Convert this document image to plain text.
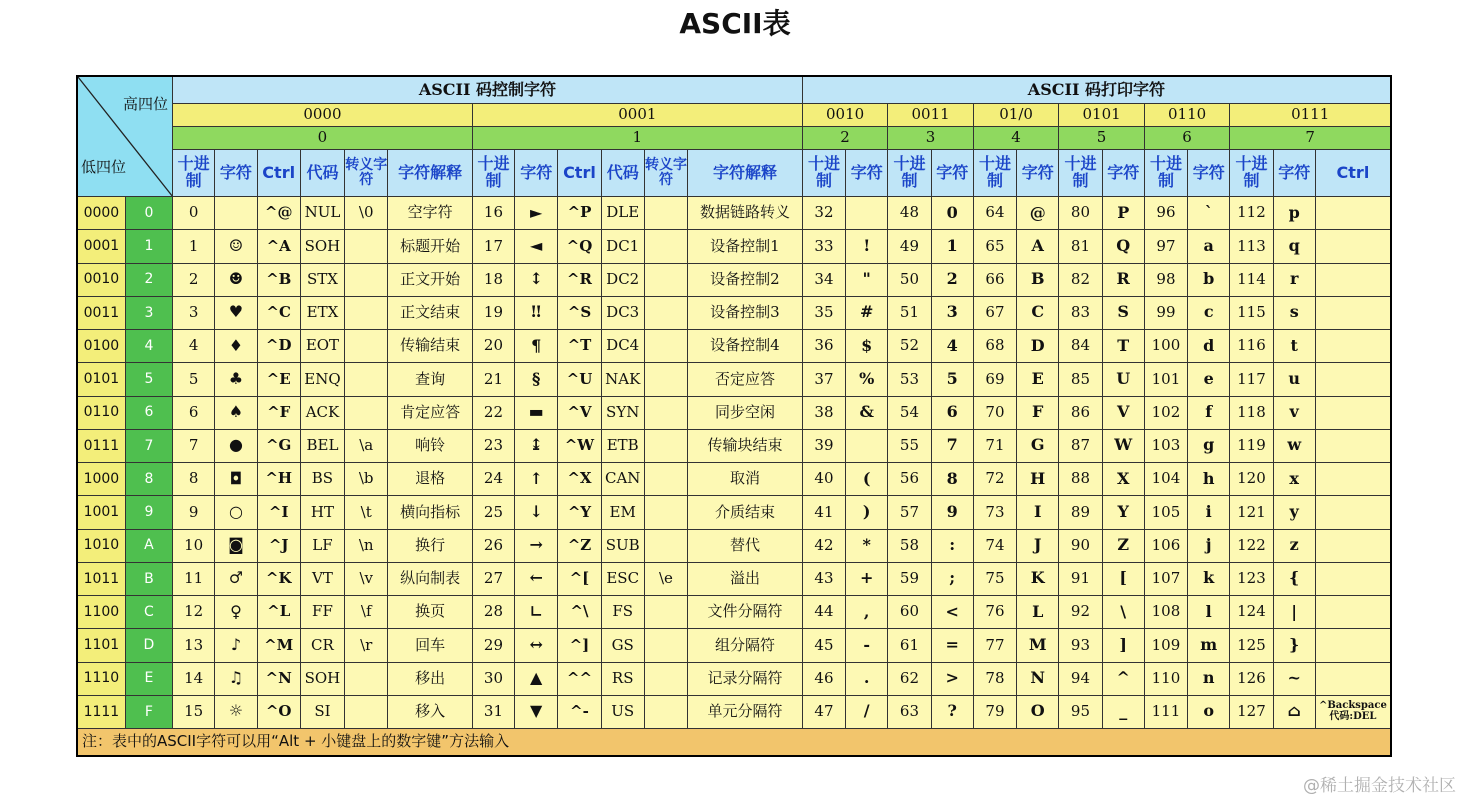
ASCII表
高四位
低四位		ASCII 码控制字符												ASCII 码打印字符												
		0000						0001						0010		0011		01/0		0101		0110		0111		
		0						1						2		3		4		5		6		7		
		十进制	字符	Ctrl	代码	转义字符	字符解释	十进制	字符	Ctrl	代码	转义字符	字符解释	十进制	字符	十进制	字符	十进制	字符	十进制	字符	十进制	字符	十进制	字符	Ctrl
0000	0	0		^@	NUL	\0	空字符	16	►	^P	DLE		数据链路转义	32		48	0	64	@	80	P	96	`	112	p	
0001	1	1	☺	^A	SOH		标题开始	17	◄	^Q	DC1		设备控制1	33	!	49	1	65	A	81	Q	97	a	113	q	
0010	2	2	☻	^B	STX		正文开始	18	↕	^R	DC2		设备控制2	34	"	50	2	66	B	82	R	98	b	114	r	
0011	3	3	♥	^C	ETX		正文结束	19	‼	^S	DC3		设备控制3	35	#	51	3	67	C	83	S	99	c	115	s	
0100	4	4	♦	^D	EOT		传输结束	20	¶	^T	DC4		设备控制4	36	$	52	4	68	D	84	T	100	d	116	t	
0101	5	5	♣	^E	ENQ		查询	21	§	^U	NAK		否定应答	37	%	53	5	69	E	85	U	101	e	117	u	
0110	6	6	♠	^F	ACK		肯定应答	22	▬	^V	SYN		同步空闲	38	&	54	6	70	F	86	V	102	f	118	v	
0111	7	7	●	^G	BEL	\a	响铃	23	↨	^W	ETB		传输块结束	39		55	7	71	G	87	W	103	g	119	w	
1000	8	8	◘	^H	BS	\b	退格	24	↑	^X	CAN		取消	40	(	56	8	72	H	88	X	104	h	120	x	
1001	9	9	○	^I	HT	\t	横向指标	25	↓	^Y	EM		介质结束	41	)	57	9	73	I	89	Y	105	i	121	y	
1010	A	10	◙	^J	LF	\n	换行	26	→	^Z	SUB		替代	42	*	58	:	74	J	90	Z	106	j	122	z	
1011	B	11	♂	^K	VT	\v	纵向制表	27	←	^[	ESC	\e	溢出	43	+	59	;	75	K	91	[	107	k	123	{	
1100	C	12	♀	^L	FF	\f	换页	28	∟	^\	FS		文件分隔符	44	,	60	<	76	L	92	\	108	l	124	|	
1101	D	13	♪	^M	CR	\r	回车	29	↔	^]	GS		组分隔符	45	-	61	=	77	M	93	]	109	m	125	}	
1110	E	14	♫	^N	SOH		移出	30	▲	^^	RS		记录分隔符	46	.	62	>	78	N	94	^	110	n	126	~	
1111	F	15	☼	^O	SI		移入	31	▼	^-	US		单元分隔符	47	/	63	?	79	O	95	_	111	o	127	⌂	^Backspace 代码:DEL
注：表中的ASCII字符可以用“Alt + 小键盘上的数字键”方法输入																										
@稀土掘金技术社区
